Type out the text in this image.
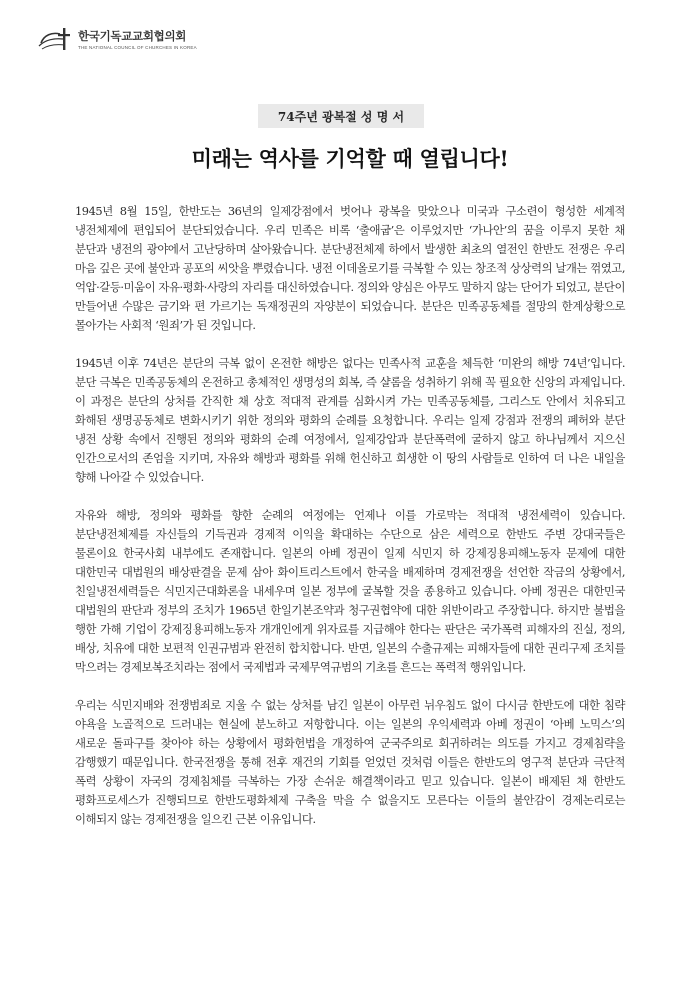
한국기독교교회협의회
THE NATIONAL COUNCIL OF CHURCHES IN KOREA
74주년 광복절 성 명 서
미래는 역사를 기억할 때 열립니다!

1945년 8월 15일, 한반도는 36년의 일제강점에서 벗어나 광복을 맞았으나 미국과 구소련이 형성한 세계적 냉전체제에 편입되어 분단되었습니다. 우리 민족은 비록 ‘출애굽’은 이루었지만 ‘가나안’의 꿈을 이루지 못한 채 분단과 냉전의 광야에서 고난당하며 살아왔습니다. 분단냉전체제 하에서 발생한 최초의 열전인 한반도 전쟁은 우리 마음 깊은 곳에 불안과 공포의 씨앗을 뿌렸습니다. 냉전 이데올로기를 극복할 수 있는 창조적 상상력의 날개는 꺾였고, 억압·갈등·미움이 자유·평화·사랑의 자리를 대신하였습니다. 정의와 양심은 아무도 말하지 않는 단어가 되었고, 분단이 만들어낸 수많은 금기와 편 가르기는 독재정권의 자양분이 되었습니다. 분단은 민족공동체를 절망의 한계상황으로 몰아가는 사회적 ‘원죄’가 된 것입니다.

1945년 이후 74년은 분단의 극복 없이 온전한 해방은 없다는 민족사적 교훈을 체득한 ‘미완의 해방 74년’입니다. 분단 극복은 민족공동체의 온전하고 총체적인 생명성의 회복, 즉 샬롬을 성취하기 위해 꼭 필요한 신앙의 과제입니다. 이 과정은 분단의 상처를 간직한 채 상호 적대적 관계를 심화시켜 가는 민족공동체를, 그리스도 안에서 치유되고 화해된 생명공동체로 변화시키기 위한 정의와 평화의 순례를 요청합니다. 우리는 일제 강점과 전쟁의 폐허와 분단 냉전 상황 속에서 진행된 정의와 평화의 순례 여정에서, 일제강압과 분단폭력에 굴하지 않고 하나님께서 지으신 인간으로서의 존엄을 지키며, 자유와 해방과 평화를 위해 헌신하고 희생한 이 땅의 사람들로 인하여 더 나은 내일을 향해 나아갈 수 있었습니다.

자유와 해방, 정의와 평화를 향한 순례의 여정에는 언제나 이를 가로막는 적대적 냉전세력이 있습니다. 분단냉전체제를 자신들의 기득권과 경제적 이익을 확대하는 수단으로 삼은 세력으로 한반도 주변 강대국들은 물론이요 한국사회 내부에도 존재합니다. 일본의 아베 정권이 일제 식민지 하 강제징용피해노동자 문제에 대한 대한민국 대법원의 배상판결을 문제 삼아 화이트리스트에서 한국을 배제하며 경제전쟁을 선언한 작금의 상황에서, 친일냉전세력들은 식민지근대화론을 내세우며 일본 정부에 굴복할 것을 종용하고 있습니다. 아베 정권은 대한민국 대법원의 판단과 정부의 조치가 1965년 한일기본조약과 청구권협약에 대한 위반이라고 주장합니다. 하지만 불법을 행한 가해 기업이 강제징용피해노동자 개개인에게 위자료를 지급해야 한다는 판단은 국가폭력 피해자의 진실, 정의, 배상, 치유에 대한 보편적 인권규범과 완전히 합치합니다. 반면, 일본의 수출규제는 피해자들에 대한 권리구제 조치를 막으려는 경제보복조치라는 점에서 국제법과 국제무역규범의 기초를 흔드는 폭력적 행위입니다.

우리는 식민지배와 전쟁범죄로 지울 수 없는 상처를 남긴 일본이 아무런 뉘우침도 없이 다시금 한반도에 대한 침략 야욕을 노골적으로 드러내는 현실에 분노하고 저항합니다. 이는 일본의 우익세력과 아베 정권이 ‘아베 노믹스’의 새로운 돌파구를 찾아야 하는 상황에서 평화헌법을 개정하여 군국주의로 회귀하려는 의도를 가지고 경제침략을 감행했기 때문입니다. 한국전쟁을 통해 전후 재건의 기회를 얻었던 것처럼 이들은 한반도의 영구적 분단과 극단적 폭력 상황이 자국의 경제침체를 극복하는 가장 손쉬운 해결책이라고 믿고 있습니다. 일본이 배제된 채 한반도 평화프로세스가 진행되므로 한반도평화체제 구축을 막을 수 없을지도 모른다는 이들의 불안감이 경제논리로는 이해되지 않는 경제전쟁을 일으킨 근본 이유입니다.
